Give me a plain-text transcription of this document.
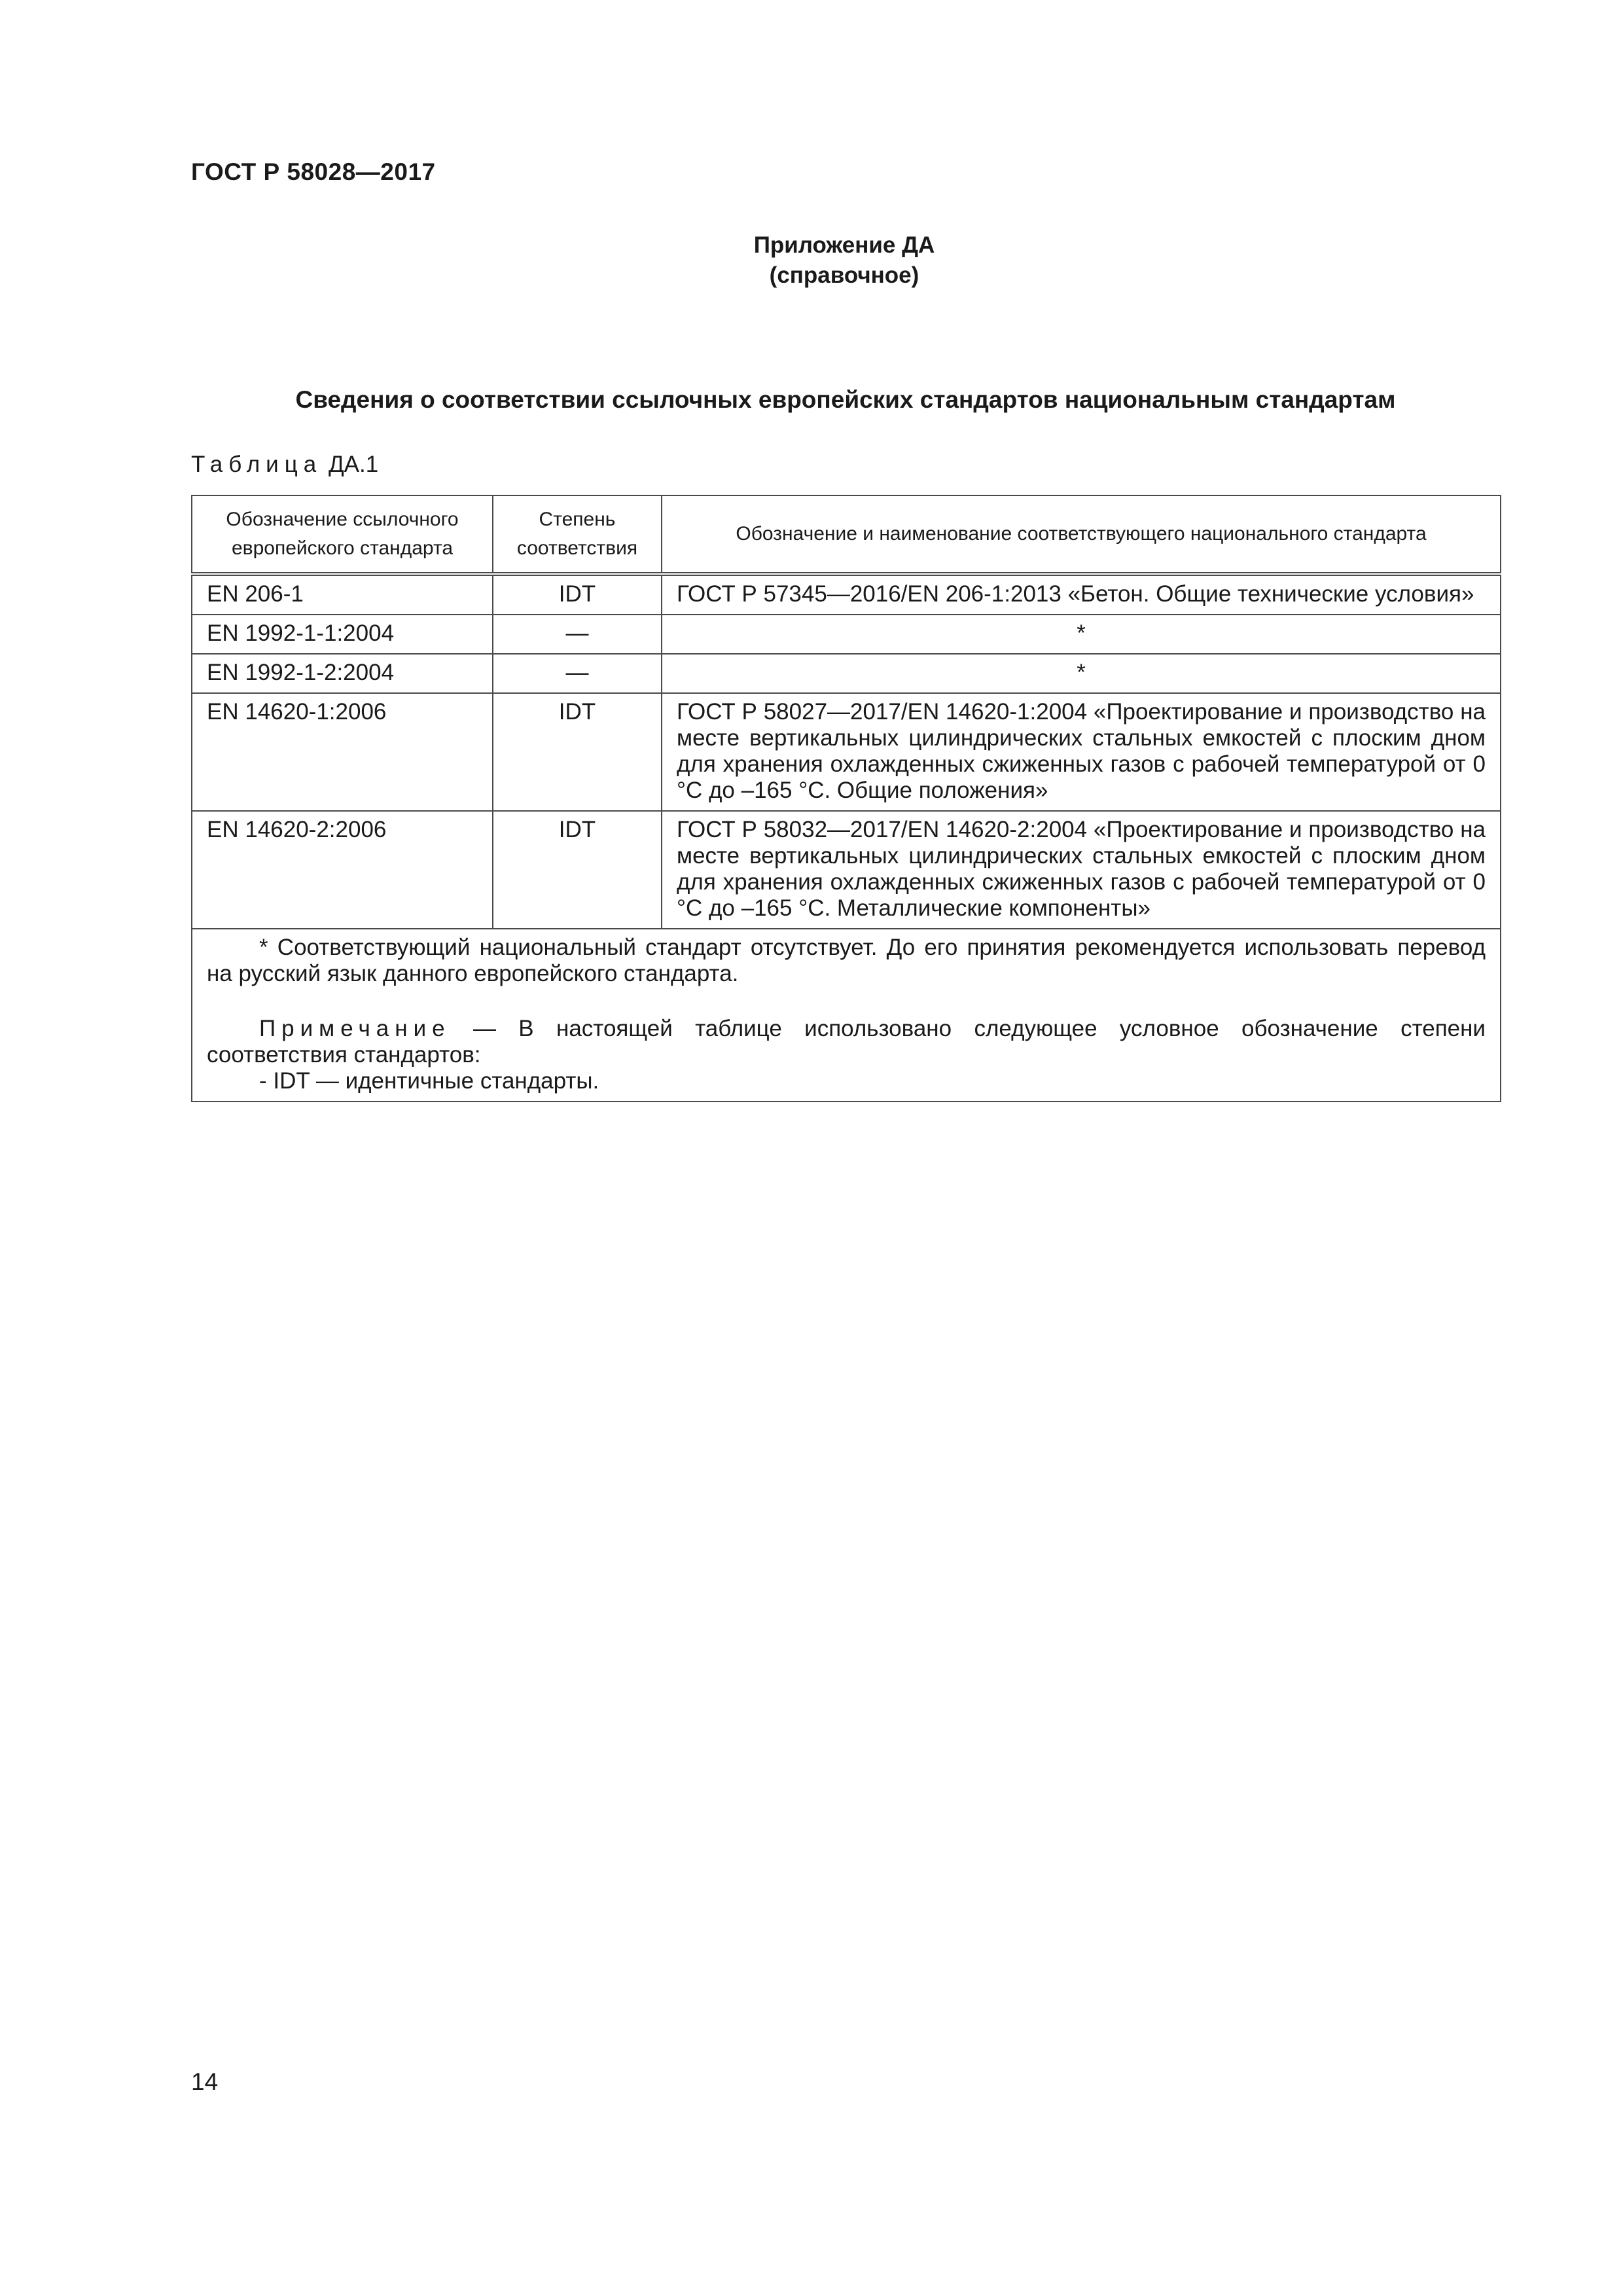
ГОСТ Р 58028—2017
Приложение ДА
(справочное)
Сведения о соответствии ссылочных европейских стандартов национальным стандартам
Таблица ДА.1
Обозначение ссылочного европейского стандарта	Степень соответствия	Обозначение и наименование соответствующего национального стандарта
EN 206-1	IDT	ГОСТ Р 57345—2016/EN 206-1:2013 «Бетон. Общие технические условия»
EN 1992-1-1:2004	—	*
EN 1992-1-2:2004	—	*
EN 14620-1:2006	IDT	ГОСТ Р 58027—2017/EN 14620-1:2004 «Проектирование и производство на месте вертикальных цилиндрических стальных емкостей с плоским дном для хранения охлажденных сжиженных газов с рабочей температурой от 0 °С до –165 °С. Общие положения»
EN 14620-2:2006	IDT	ГОСТ Р 58032—2017/EN 14620-2:2004 «Проектирование и производство на месте вертикальных цилиндрических стальных емкостей с плоским дном для хранения охлажденных сжиженных газов с рабочей температурой от 0 °С до –165 °С. Металлические компоненты»

* Соответствующий национальный стандарт отсутствует. До его принятия рекомендуется использовать перевод на русский язык данного европейского стандарта.

Примечание — В настоящей таблице использовано следующее условное обозначение степени соответствия стандартов:

- IDT — идентичные стандарты.		

14
